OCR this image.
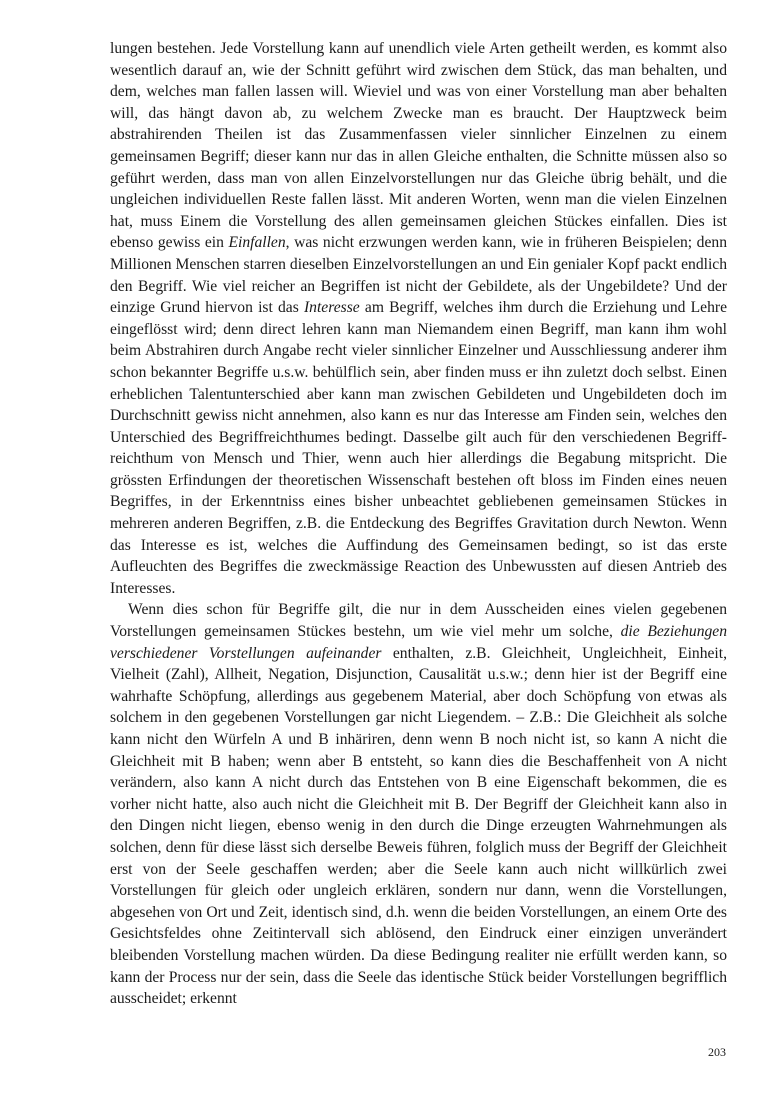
lungen bestehen. Jede Vorstellung kann auf unendlich viele Arten getheilt werden, es kommt also wesentlich darauf an, wie der Schnitt geführt wird zwischen dem Stück, das man behalten, und dem, welches man fallen lassen will. Wieviel und was von einer Vorstellung man aber behalten will, das hängt davon ab, zu welchem Zwecke man es braucht. Der Hauptzweck beim abstrahirenden Theilen ist das Zusammenfassen vieler sinnlicher Einzelnen zu einem gemeinsamen Begriff; dieser kann nur das in allen Gleiche enthalten, die Schnitte müssen also so geführt werden, dass man von allen Einzelvorstellungen nur das Gleiche übrig behält, und die ungleichen individuellen Reste fallen lässt. Mit anderen Worten, wenn man die vielen Einzelnen hat, muss Einem die Vorstellung des allen gemeinsamen gleichen Stückes einfallen. Dies ist ebenso gewiss ein Einfallen, was nicht erzwungen werden kann, wie in früheren Beispielen; denn Millionen Menschen starren dieselben Einzelvorstellungen an und Ein genialer Kopf packt endlich den Begriff. Wie viel reicher an Begriffen ist nicht der Gebildete, als der Ungebildete? Und der einzige Grund hiervon ist das Interesse am Begriff, welches ihm durch die Erziehung und Lehre eingeflösst wird; denn direct lehren kann man Niemandem einen Begriff, man kann ihm wohl beim Abstrahiren durch Angabe recht vieler sinnlicher Einzelner und Ausschliessung anderer ihm schon bekannter Begriffe u.s.w. behülflich sein, aber finden muss er ihn zuletzt doch selbst. Einen erheblichen Talentunterschied aber kann man zwischen Gebildeten und Ungebildeten doch im Durchschnitt gewiss nicht annehmen, also kann es nur das Interesse am Finden sein, welches den Unterschied des Begriffreichthumes bedingt. Dasselbe gilt auch für den verschiedenen Begriffreichthum von Mensch und Thier, wenn auch hier allerdings die Begabung mitspricht. Die grössten Erfindungen der theoretischen Wissenschaft bestehen oft bloss im Finden eines neuen Begriffes, in der Erkenntniss eines bisher unbeachtet gebliebenen gemeinsamen Stückes in mehreren anderen Begriffen, z.B. die Entdeckung des Begriffes Gravitation durch Newton. Wenn das Interesse es ist, welches die Auffindung des Gemeinsamen bedingt, so ist das erste Aufleuchten des Begriffes die zweckmässige Reaction des Unbewussten auf diesen Antrieb des Interesses.

Wenn dies schon für Begriffe gilt, die nur in dem Ausscheiden eines vielen gegebenen Vorstellungen gemeinsamen Stückes bestehn, um wie viel mehr um solche, die Beziehungen verschiedener Vorstellungen aufeinander enthalten, z.B. Gleichheit, Ungleichheit, Einheit, Vielheit (Zahl), Allheit, Negation, Disjunction, Causalität u.s.w.; denn hier ist der Begriff eine wahrhafte Schöpfung, allerdings aus gegebenem Material, aber doch Schöpfung von etwas als solchem in den gegebenen Vorstellungen gar nicht Liegendem. – Z.B.: Die Gleichheit als solche kann nicht den Würfeln A und B inhäriren, denn wenn B noch nicht ist, so kann A nicht die Gleichheit mit B haben; wenn aber B entsteht, so kann dies die Beschaffenheit von A nicht verändern, also kann A nicht durch das Entstehen von B eine Eigenschaft bekommen, die es vorher nicht hatte, also auch nicht die Gleichheit mit B. Der Begriff der Gleichheit kann also in den Dingen nicht liegen, ebenso wenig in den durch die Dinge erzeugten Wahrnehmungen als solchen, denn für diese lässt sich derselbe Beweis führen, folglich muss der Begriff der Gleichheit erst von der Seele geschaffen werden; aber die Seele kann auch nicht willkürlich zwei Vorstellungen für gleich oder ungleich erklären, sondern nur dann, wenn die Vorstellungen, abgesehen von Ort und Zeit, identisch sind, d.h. wenn die beiden Vorstellungen, an einem Orte des Gesichtsfeldes ohne Zeitintervall sich ablösend, den Eindruck einer einzigen unverändert bleibenden Vorstellung machen würden. Da diese Bedingung realiter nie erfüllt werden kann, so kann der Process nur der sein, dass die Seele das identische Stück beider Vorstellungen begrifflich ausscheidet; erkennt

203
